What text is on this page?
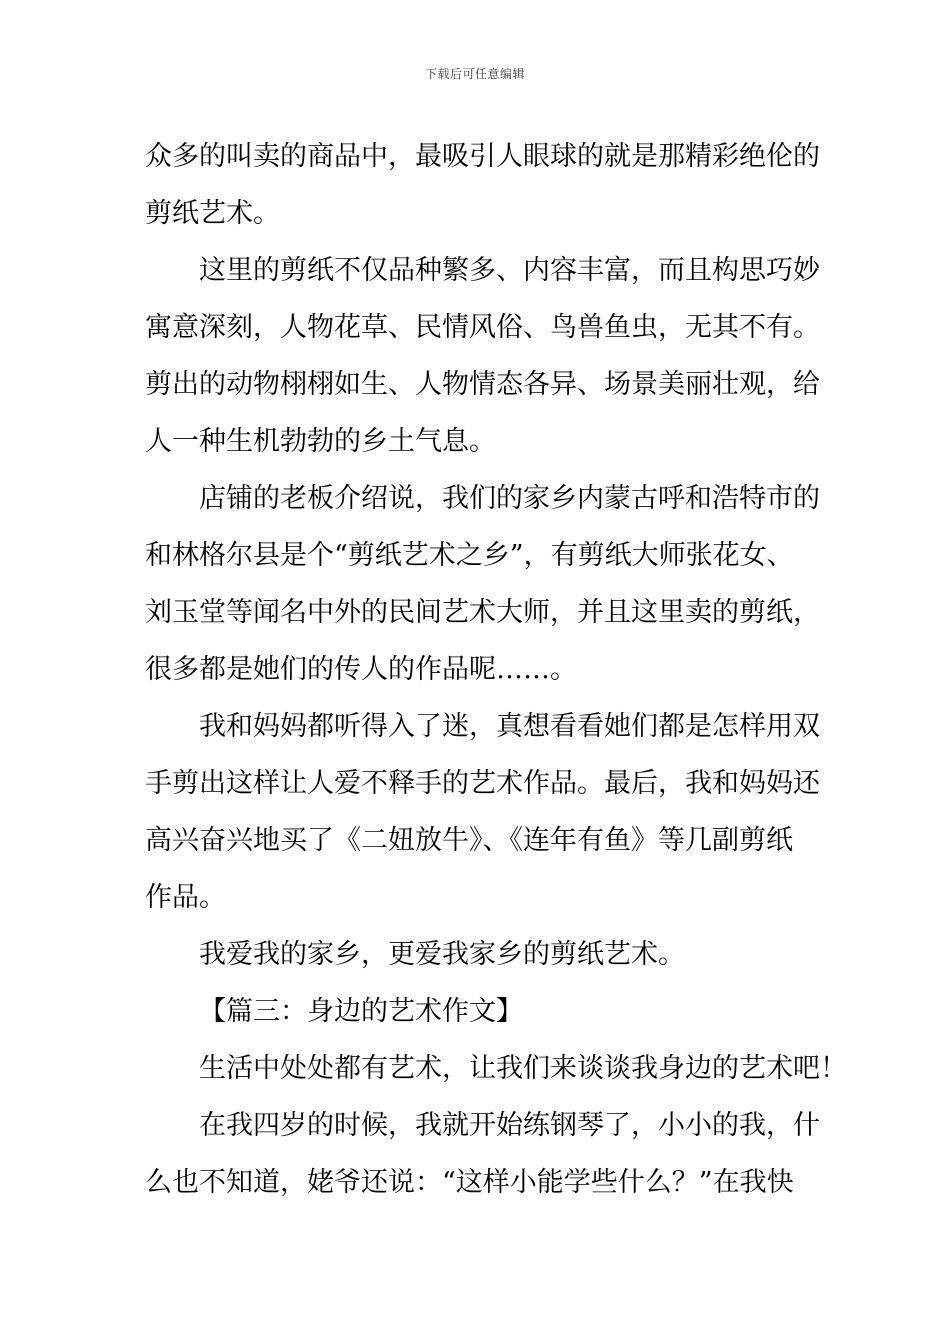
下载后可任意编辑
众多的叫卖的商品中，最吸引人眼球的就是那精彩绝伦的
剪纸艺术。
这里的剪纸不仅品种繁多、内容丰富，而且构思巧妙
寓意深刻，人物花草、民情风俗、鸟兽鱼虫，无其不有。
剪出的动物栩栩如生、人物情态各异、场景美丽壮观，给
人一种生机勃勃的乡土气息。
店铺的老板介绍说，我们的家乡内蒙古呼和浩特市的
和林格尔县是个“剪纸艺术之乡”，有剪纸大师张花女、
刘玉堂等闻名中外的民间艺术大师，并且这里卖的剪纸，
很多都是她们的传人的作品呢……。
我和妈妈都听得入了迷，真想看看她们都是怎样用双
手剪出这样让人爱不释手的艺术作品。最后，我和妈妈还
高兴奋兴地买了《二妞放牛》、《连年有鱼》等几副剪纸
作品。
我爱我的家乡，更爱我家乡的剪纸艺术。
【篇三：身边的艺术作文】
生活中处处都有艺术，让我们来谈谈我身边的艺术吧！
在我四岁的时候，我就开始练钢琴了，小小的我，什
么也不知道，姥爷还说：“这样小能学些什么？”在我快
